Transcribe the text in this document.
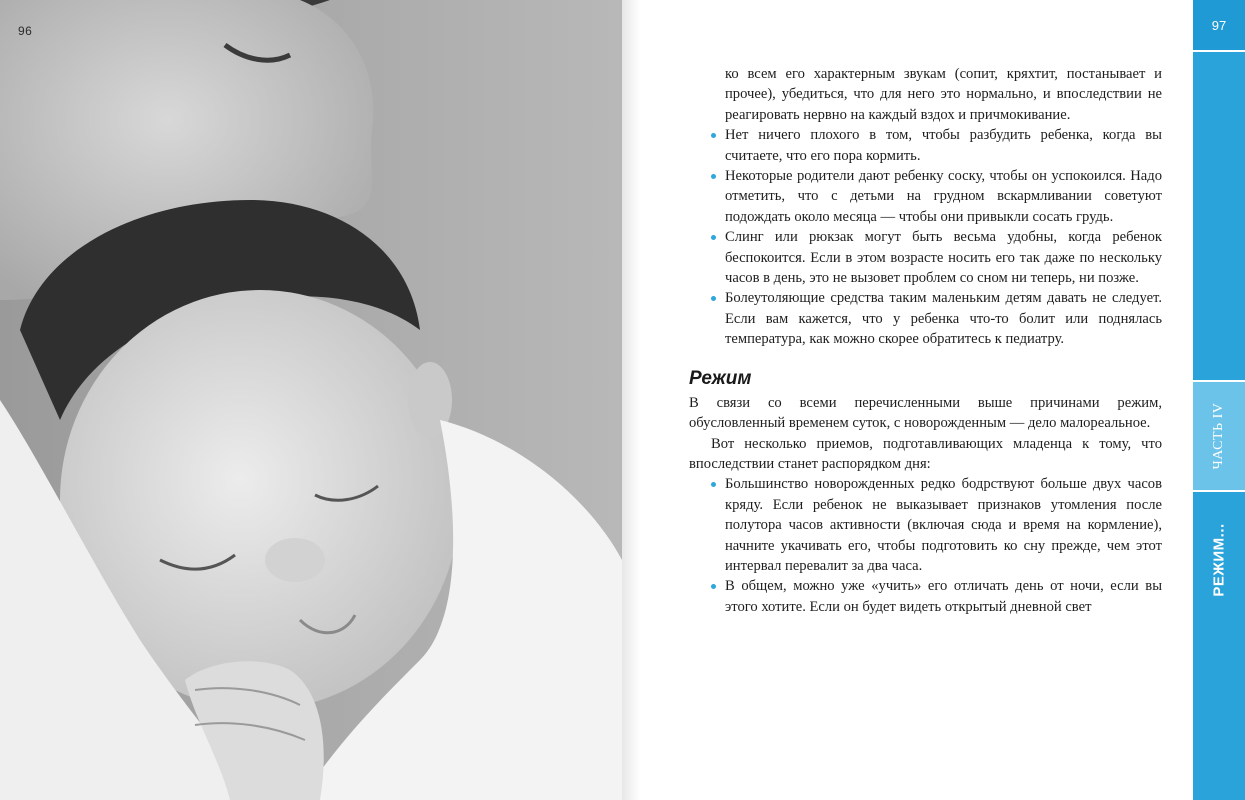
96

ко всем его характерным звукам (сопит, кряхтит, постанывает и прочее), убедиться, что для него это нормально, и впоследствии не реагировать нервно на каждый вздох и причмокивание.

Нет ничего плохого в том, чтобы разбудить ребенка, когда вы считаете, что его пора кормить.
Некоторые родители дают ребенку соску, чтобы он успокоился. Надо отметить, что с детьми на грудном вскармливании советуют подождать около месяца — чтобы они привыкли сосать грудь.
Слинг или рюкзак могут быть весьма удобны, когда ребенок беспокоится. Если в этом возрасте носить его так даже по нескольку часов в день, это не вызовет проблем со сном ни теперь, ни позже.
Болеутоляющие средства таким маленьким детям давать не следует. Если вам кажется, что у ребенка что-то болит или поднялась температура, как можно скорее обратитесь к педиатру.
Режим

В связи со всеми перечисленными выше причинами режим, обусловленный временем суток, с новорожденным — дело малореальное.

Вот несколько приемов, подготавливающих младенца к тому, что впоследствии станет распорядком дня:

Большинство новорожденных редко бодрствуют больше двух часов кряду. Если ребенок не выказывает признаков утомления после полутора часов активности (включая сюда и время на кормление), начните укачивать его, чтобы подготовить ко сну прежде, чем этот интервал перевалит за два часа.
В общем, можно уже «учить» его отличать день от ночи, если вы этого хотите. Если он будет видеть открытый дневной свет
97
ЧАСТЬ IV
РЕЖИМ...
